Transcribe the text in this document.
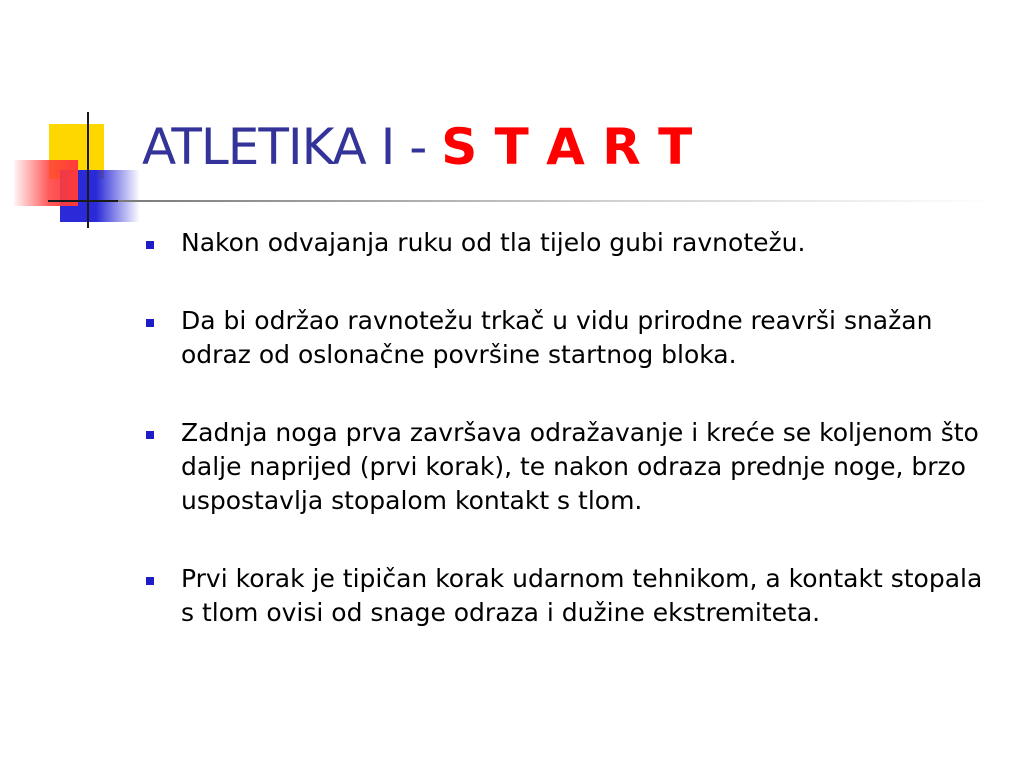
ATLETIKA I - S T A R T
Nakon odvajanja ruku od tla tijelo gubi ravnotežu.
Da bi održao ravnotežu trkač u vidu prirodne reavrši snažan odraz od oslonačne površine startnog bloka.
Zadnja noga prva završava odražavanje i kreće se koljenom što dalje naprijed (prvi korak), te nakon odraza prednje noge, brzo uspostavlja stopalom kontakt s tlom.
Prvi korak je tipičan korak udarnom tehnikom, a kontakt stopala s tlom ovisi od snage odraza i dužine ekstremiteta.
